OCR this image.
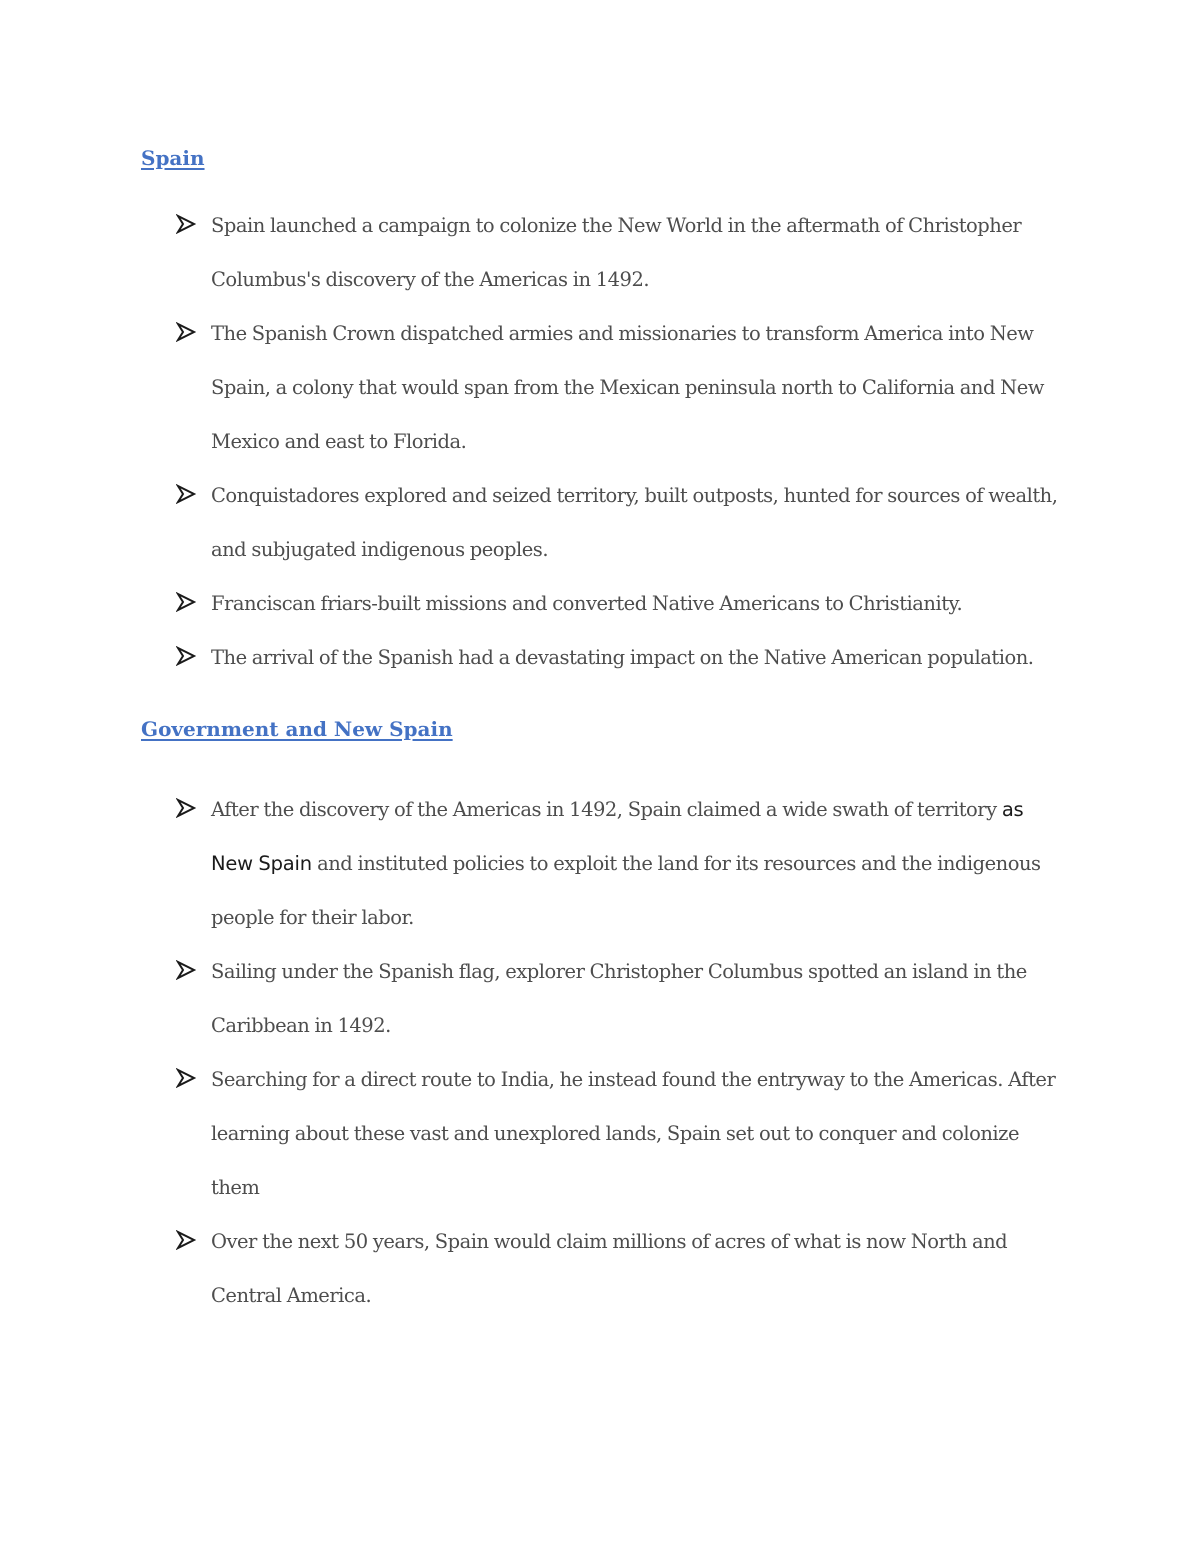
Spain
Spain launched a campaign to colonize the New World in the aftermath of Christopher Columbus's discovery of the Americas in 1492.
The Spanish Crown dispatched armies and missionaries to transform America into New Spain, a colony that would span from the Mexican peninsula north to California and New Mexico and east to Florida.
Conquistadores explored and seized territory, built outposts, hunted for sources of wealth, and subjugated indigenous peoples.
Franciscan friars-built missions and converted Native Americans to Christianity.
The arrival of the Spanish had a devastating impact on the Native American population.
Government and New Spain
After the discovery of the Americas in 1492, Spain claimed a wide swath of territory as New Spain and instituted policies to exploit the land for its resources and the indigenous people for their labor.
Sailing under the Spanish flag, explorer Christopher Columbus spotted an island in the Caribbean in 1492.
Searching for a direct route to India, he instead found the entryway to the Americas. After learning about these vast and unexplored lands, Spain set out to conquer and colonize them
Over the next 50 years, Spain would claim millions of acres of what is now North and Central America.
